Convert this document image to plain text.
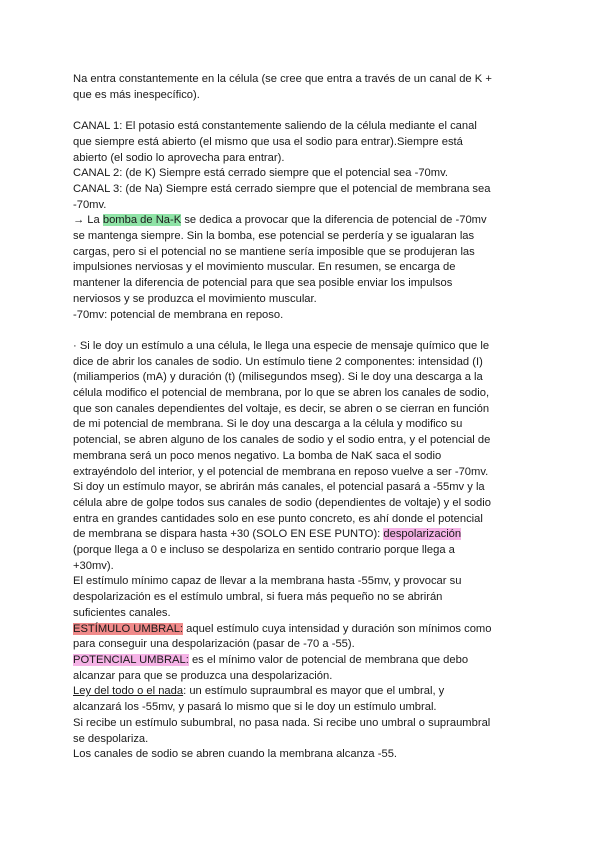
Na entra constantemente en la célula (se cree que entra a través de un canal de K +
que es más inespecífico).
CANAL 1: El potasio está constantemente saliendo de la célula mediante el canal
que siempre está abierto (el mismo que usa el sodio para entrar).Siempre está
abierto (el sodio lo aprovecha para entrar).
CANAL 2: (de K) Siempre está cerrado siempre que el potencial sea -70mv.
CANAL 3: (de Na) Siempre está cerrado siempre que el potencial de membrana sea
-70mv.
→ La bomba de Na-K se dedica a provocar que la diferencia de potencial de -70mv
se mantenga siempre. Sin la bomba, ese potencial se perdería y se igualaran las
cargas, pero si el potencial no se mantiene sería imposible que se produjeran las
impulsiones nerviosas y el movimiento muscular. En resumen, se encarga de
mantener la diferencia de potencial para que sea posible enviar los impulsos
nerviosos y se produzca el movimiento muscular.
-70mv: potencial de membrana en reposo.
· Si le doy un estímulo a una célula, le llega una especie de mensaje químico que le
dice de abrir los canales de sodio. Un estímulo tiene 2 componentes: intensidad (I)
(miliamperios (mA) y duración (t) (milisegundos mseg). Si le doy una descarga a la
célula modifico el potencial de membrana, por lo que se abren los canales de sodio,
que son canales dependientes del voltaje, es decir, se abren o se cierran en función
de mi potencial de membrana. Si le doy una descarga a la célula y modifico su
potencial, se abren alguno de los canales de sodio y el sodio entra, y el potencial de
membrana será un poco menos negativo. La bomba de NaK saca el sodio
extrayéndolo del interior, y el potencial de membrana en reposo vuelve a ser -70mv.
Si doy un estímulo mayor, se abrirán más canales, el potencial pasará a -55mv y la
célula abre de golpe todos sus canales de sodio (dependientes de voltaje) y el sodio
entra en grandes cantidades solo en ese punto concreto, es ahí donde el potencial
de membrana se dispara hasta +30 (SOLO EN ESE PUNTO): despolarización
(porque llega a 0 e incluso se despolariza en sentido contrario porque llega a
+30mv).
El estímulo mínimo capaz de llevar a la membrana hasta -55mv, y provocar su
despolarización es el estímulo umbral, si fuera más pequeño no se abrirán
suficientes canales.
ESTÍMULO UMBRAL: aquel estímulo cuya intensidad y duración son mínimos como
para conseguir una despolarización (pasar de -70 a -55).
POTENCIAL UMBRAL: es el mínimo valor de potencial de membrana que debo
alcanzar para que se produzca una despolarización.
Ley del todo o el nada: un estímulo supraumbral es mayor que el umbral, y
alcanzará los -55mv, y pasará lo mismo que si le doy un estímulo umbral.
Si recibe un estímulo subumbral, no pasa nada. Si recibe uno umbral o supraumbral
se despolariza.
Los canales de sodio se abren cuando la membrana alcanza -55.
